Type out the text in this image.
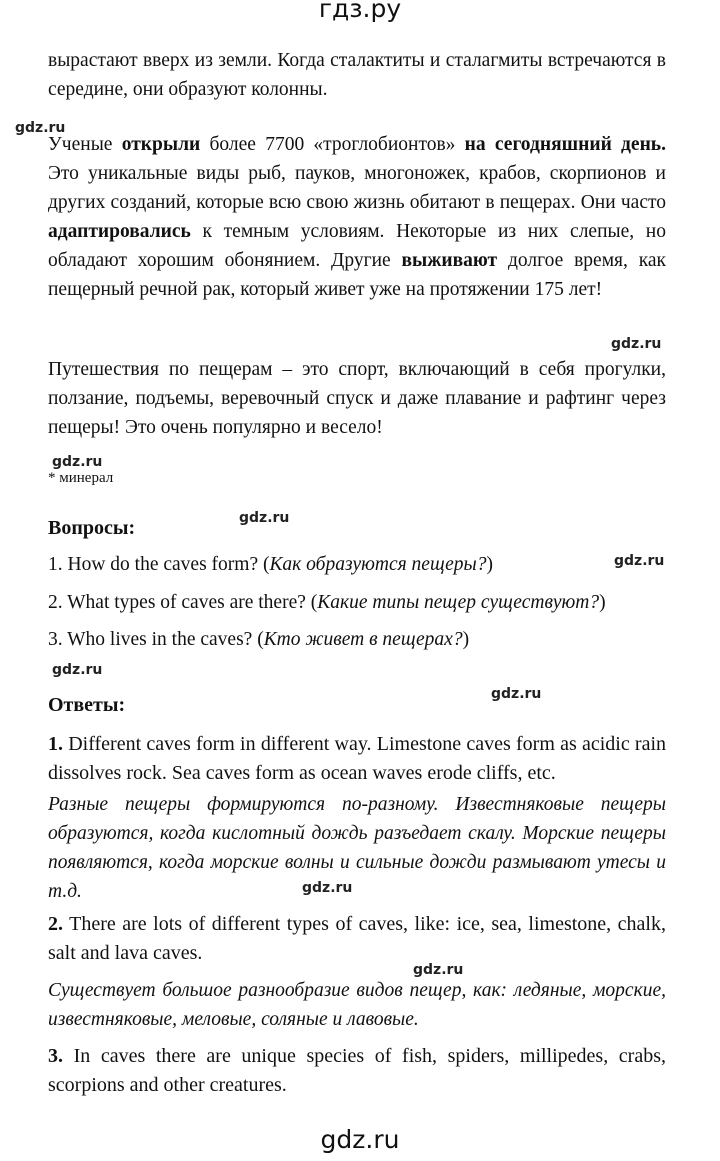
гдз.ру

вырастают вверх из земли. Когда сталактиты и сталагмиты встречаются в середине, они образуют колонны.

gdz.ru

Ученые открыли более 7700 «троглобионтов» на сегодняшний день. Это уникальные виды рыб, пауков, многоножек, крабов, скорпионов и других созданий, которые всю свою жизнь обитают в пещерах. Они часто адаптировались к темным условиям. Некоторые из них слепые, но обладают хорошим обонянием. Другие выживают долгое время, как пещерный речной рак, который живет уже на протяжении 175 лет!

gdz.ru

Путешествия по пещерам – это спорт, включающий в себя прогулки, ползание, подъемы, веревочный спуск и даже плавание и рафтинг через пещеры! Это очень популярно и весело!

gdz.ru
* минерал
Вопросы:	gdz.ru
1. How do the caves form? (Как образуются пещеры?)	gdz.ru
2. What types of caves are there? (Какие типы пещер существуют?)
3. Who lives in the caves? (Кто живет в пещерах?)
gdz.ru
Ответы:	gdz.ru

1. Different caves form in different way. Limestone caves form as acidic rain dissolves rock. Sea caves form as ocean waves erode cliffs, etc.

Разные пещеры формируются по-разному. Известняковые пещеры образуются, когда кислотный дождь разъедает скалу. Морские пещеры появляются, когда морские волны и сильные дожди размывают утесы и т.д.	gdz.ru

2. There are lots of different types of caves, like: ice, sea, limestone, chalk, salt and lava caves.

gdz.ru

Существует большое разнообразие видов пещер, как: ледяные, морские, известняковые, меловые, соляные и лавовые.

3. In caves there are unique species of fish, spiders, millipedes, crabs, scorpions and other creatures.

gdz.ru
